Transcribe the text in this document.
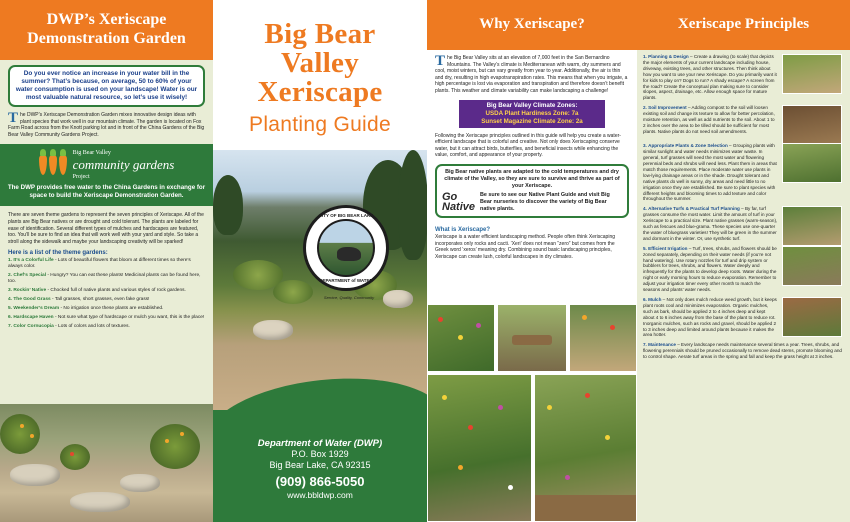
DWP’s Xeriscape
Demonstration Garden
Do you ever notice an increase in your water bill in the summer? That’s because, on average, 50 to 60% of your water consumption is used on your landscape! Water is our most valuable natural resource, so let’s use it wisely!
The DWP’s Xeriscape Demonstration Garden mixes innovative design ideas with plant species that work well in our mountain climate. The garden is located on Fox Farm Road across from the Knott parking lot and in front of the China Gardens of the Big Bear Valley Community Gardens Project.
Big Bear Valley
community gardens
Project
The DWP provides free water to the China Gardens in exchange for space to build the Xeriscape Demonstration Garden.
There are seven theme gardens to represent the seven principles of Xeriscape. All of the plants are Big Bear natives or are drought and cold tolerant. The plants are labeled for ease of identification. Several different types of mulches and hardscapes are featured, too. You’ll be sure to find an idea that will work well with your yard and style. So take a stroll along the sidewalk and maybe your landscaping creativity will be sparked!
Here is a list of the theme gardens:
1. It’s a Colorful Life - Lots of beautiful flowers that bloom at different times so there’s always color.
2. Chef’s Special - Hungry? You can eat these plants! Medicinal plants can be found here, too.
3. Rockin’ Native - Chocked full of native plants and various styles of rock gardens.
4. The Good Grass - Tall grasses, short grasses, even fake grass!
5. Weekender’s Dream - No irrigation once these plants are established.
6. Hardscape Haven - Not sure what type of hardscape or mulch you want, this is the place!
7. Color Cornucopia - Lots of colors and lots of textures.
Big Bear
Valley
Xeriscape
Planting Guide
CITY OF BIG BEAR LAKE
DEPARTMENT of WATER
Service, Quality, Community
Department of Water (DWP)
P.O. Box 1929
Big Bear Lake, CA 92315
(909) 866-5050
www.bbldwp.com
Why Xeriscape?
The Big Bear Valley sits at an elevation of 7,000 feet in the San Bernardino Mountains. The Valley’s climate is Mediterranean with warm, dry summers and cool, moist winters, but can vary greatly from year to year. Additionally, the air is thin and dry, resulting in high evapotranspiration rates. This means that when you irrigate, a high percentage is lost via evaporation and transpiration and therefore doesn’t benefit plants. This weather and climate variability can make landscaping a challenge!
Big Bear Valley Climate Zones:
USDA Plant Hardiness Zone: 7a
Sunset Magazine Climate Zone: 2a
Following the Xeriscape principles outlined in this guide will help you create a water-efficient landscape that is colorful and creative. Not only does Xeriscaping conserve water, but it can attract birds, butterflies, and beneficial insects while enhancing the value, comfort, and appearance of your property.
Big Bear native plants are adapted to the cold temperatures and dry climate of the Valley, so they are sure to survive and thrive as part of your Xeriscape.
Go
Native
Be sure to see our Native Plant Guide and visit Big Bear nurseries to discover the variety of Big Bear native plants.
What is Xeriscape?
Xeriscape is a water efficient landscaping method. People often think Xeriscaping incorporates only rocks and cacti. ‘Xeri’ does not mean “zero” but comes from the Greek word ‘xeros’ meaning dry. Combining sound basic landscaping principles, Xeriscape can create lush, colorful landscapes in dry climates.
Xeriscape Principles
1. Planning & Design – Create a drawing (to scale) that depicts the major elements of your current landscape including house, driveway, existing trees, and other structures. Then think about how you want to use your new Xeriscape. Do you primarily want it for kids to play on? Dogs to run? A shady escape? A screen from the road? Create the conceptual plan making sure to consider slopes, aspect, drainage, etc. Allow enough space for mature plants.
2. Soil Improvement – Adding compost to the soil will loosen existing soil and change its texture to allow for better percolation, moisture retention, as well as add nutrients to the soil. About 1 to 2 inches over the area to be tilled should be sufficient for most plants. Native plants do not need soil amendments.
3. Appropriate Plants & Zone Selection – Grouping plants with similar sunlight and water needs minimizes water waste. In general, turf grasses will need the most water and flowering perennial beds and shrubs will need less. Plant them in areas that match those requirements. Place moderate water use plants in low-lying drainage areas or in the shade. Drought tolerant and native plants do well in sunny, dry areas and need little to no irrigation once they are established. Be sure to plant species with different heights and blooming times to add texture and color throughout the summer.
4. Alternative Turfs & Practical Turf Planning – By far, turf grasses consume the most water. Limit the amount of turf in your Xeriscape to a practical size. Plant native grasses (warm-season), such as fescues and blue-grama. These species use one-quarter the water of bluegrass varieties! They will be green in the summer and dormant in the winter. Or, use synthetic turf.
5. Efficient Irrigation – Turf, trees, shrubs, and flowers should be zoned separately, depending on their water needs (if you’re not hand watering). Use rotary nozzles for turf and drip system or bubblers for trees, shrubs, and flowers. Water deeply and infrequently for the plants to develop deep roots. Water during the night or early morning hours to reduce evaporation. Remember to adjust your irrigation timer every other month to match the seasons and plants’ water needs.
6. Mulch – Not only does mulch reduce weed growth, but it keeps plant roots cool and minimizes evaporation. Organic mulches, such as bark, should be applied 2 to 4 inches deep and kept about 4 to 6 inches away from the base of the plant to reduce rot. Inorganic mulches, such as rocks and gravel, should be applied 2 to 3 inches deep and limited around plants because it makes the area hotter.
7. Maintenance – Every landscape needs maintenance several times a year. Trees, shrubs, and flowering perennials should be pruned occasionally to remove dead stems, promote blooming and to control shape. Aerate turf areas in the spring and fall and keep the grass height at 3 inches.
